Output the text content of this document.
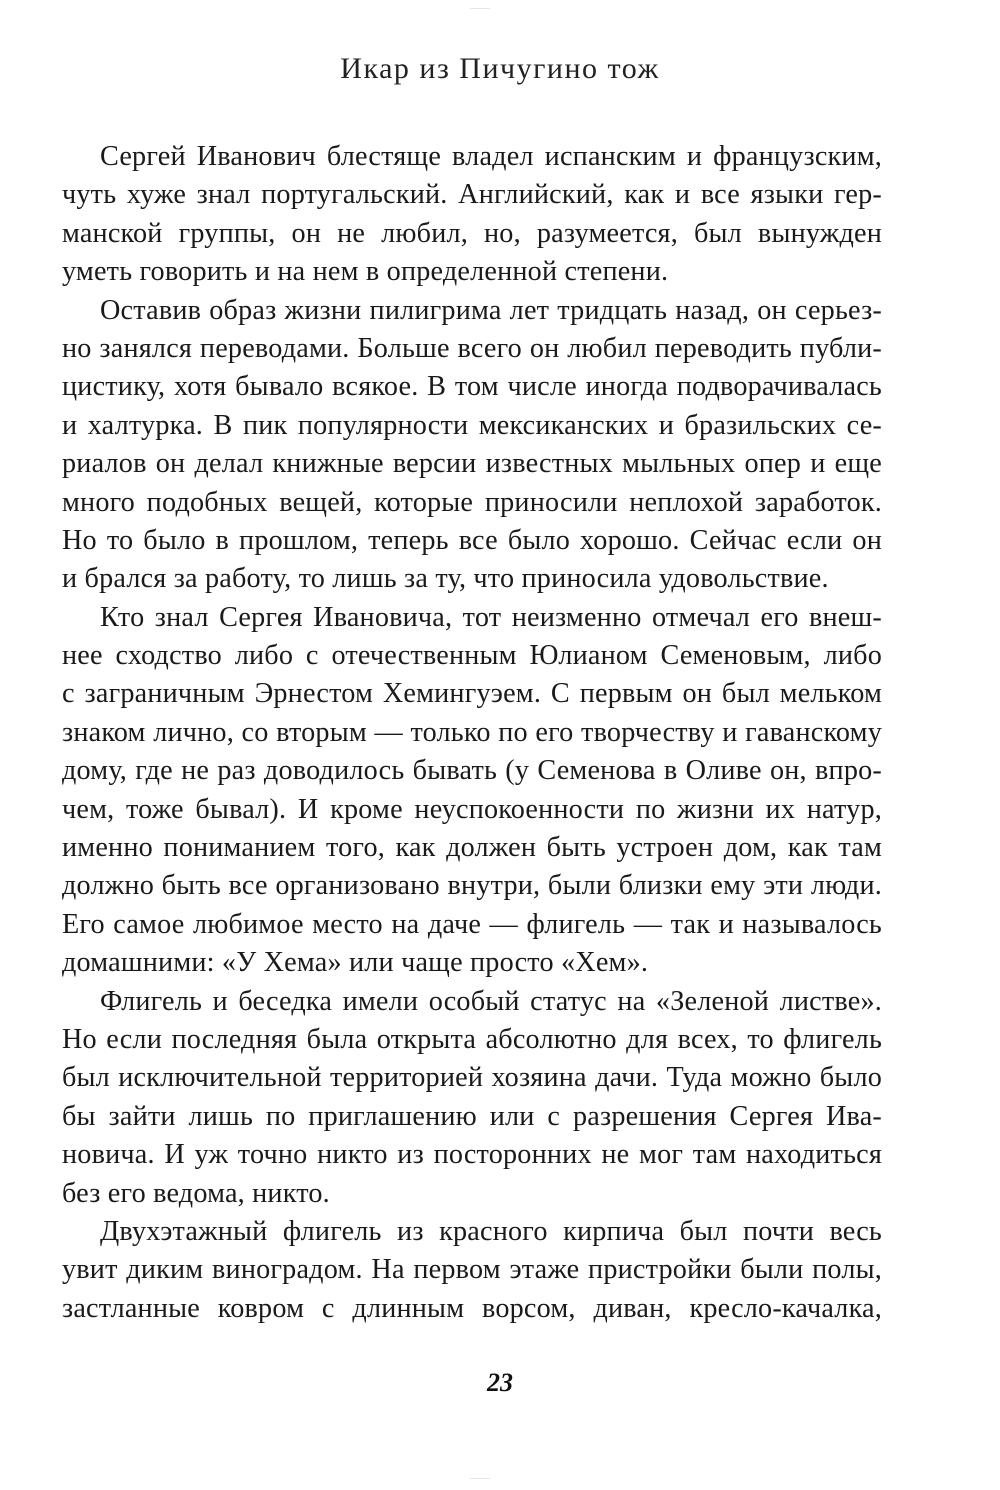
Икар из Пичугино тож
Сергей Иванович блестяще владел испанским и французским,
чуть хуже знал португальский. Английский, как и все языки гер-
манской группы, он не любил, но, разумеется, был вынужден
уметь говорить и на нем в определенной степени.
Оставив образ жизни пилигрима лет тридцать назад, он серьез-
но занялся переводами. Больше всего он любил переводить публи-
цистику, хотя бывало всякое. В том числе иногда подворачивалась
и халтурка. В пик популярности мексиканских и бразильских се-
риалов он делал книжные версии известных мыльных опер и еще
много подобных вещей, которые приносили неплохой заработок.
Но то было в прошлом, теперь все было хорошо. Сейчас если он
и брался за работу, то лишь за ту, что приносила удовольствие.
Кто знал Сергея Ивановича, тот неизменно отмечал его внеш-
нее сходство либо с отечественным Юлианом Семеновым, либо
с заграничным Эрнестом Хемингуэем. С первым он был мельком
знаком лично, со вторым — только по его творчеству и гаванскому
дому, где не раз доводилось бывать (у Семенова в Оливе он, впро-
чем, тоже бывал). И кроме неуспокоенности по жизни их натур,
именно пониманием того, как должен быть устроен дом, как там
должно быть все организовано внутри, были близки ему эти люди.
Его самое любимое место на даче — флигель — так и называлось
домашними: «У Хема» или чаще просто «Хем».
Флигель и беседка имели особый статус на «Зеленой листве».
Но если последняя была открыта абсолютно для всех, то флигель
был исключительной территорией хозяина дачи. Туда можно было
бы зайти лишь по приглашению или с разрешения Сергея Ива-
новича. И уж точно никто из посторонних не мог там находиться
без его ведома, никто.
Двухэтажный флигель из красного кирпича был почти весь
увит диким виноградом. На первом этаже пристройки были полы,
застланные ковром с длинным ворсом, диван, кресло-качалка,
23
